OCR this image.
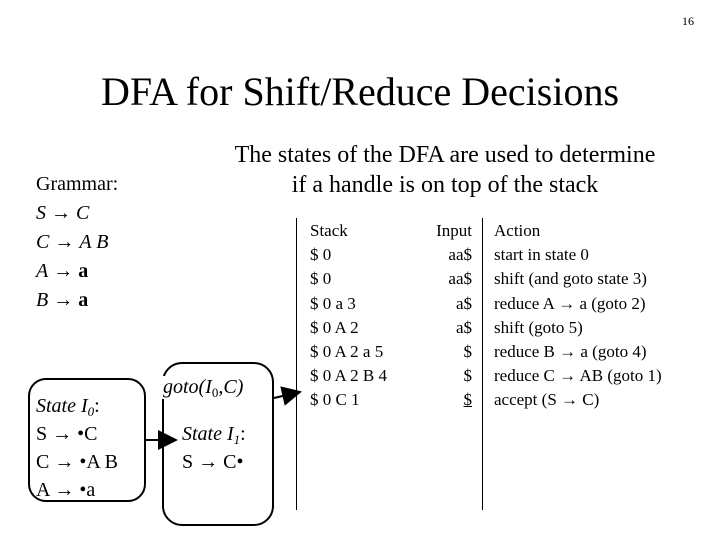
16
DFA for Shift/Reduce Decisions
The states of the DFA are used to determine
if a handle is on top of the stack
Grammar:
S → C
C → A B
A → a
B → a
State $I_0$:
S → •C
C → •A B
A → •a
State $I_1$:
S → C•
$goto(I_0,C)$
Stack
$ 0
$ 0
$ 0 a 3
$ 0 A 2
$ 0 A 2 a 5
$ 0 A 2 B 4
$ 0 C 1
Input
aa$
aa$
a$
a$
$
$
$
Action
start in state 0
shift (and goto state 3)
reduce A → a (goto 2)
shift (goto 5)
reduce B → a (goto 4)
reduce C → AB (goto 1)
accept (S → C)
